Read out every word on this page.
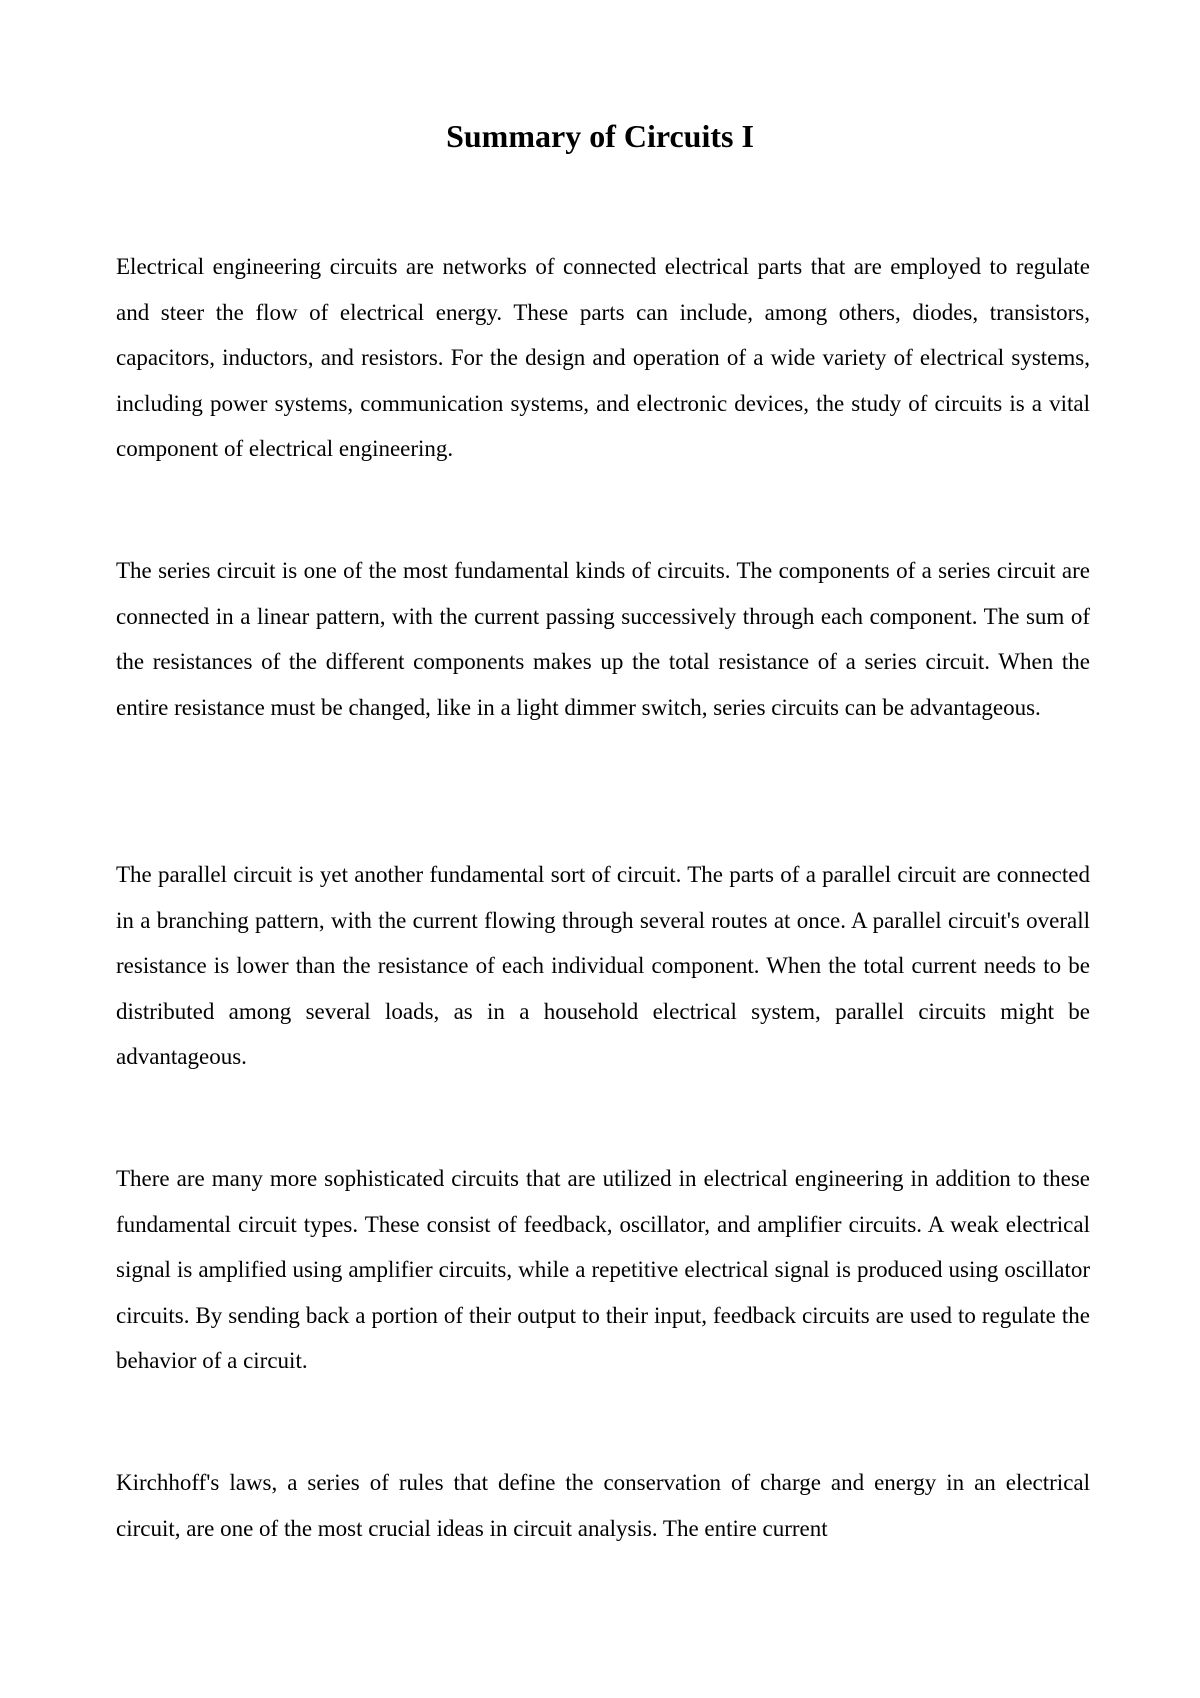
Summary of Circuits I

Electrical engineering circuits are networks of connected electrical parts that are employed to regulate and steer the flow of electrical energy. These parts can include, among others, diodes, transistors, capacitors, inductors, and resistors. For the design and operation of a wide variety of electrical systems, including power systems, communication systems, and electronic devices, the study of circuits is a vital component of electrical engineering.

The series circuit is one of the most fundamental kinds of circuits. The components of a series circuit are connected in a linear pattern, with the current passing successively through each component. The sum of the resistances of the different components makes up the total resistance of a series circuit. When the entire resistance must be changed, like in a light dimmer switch, series circuits can be advantageous.

The parallel circuit is yet another fundamental sort of circuit. The parts of a parallel circuit are connected in a branching pattern, with the current flowing through several routes at once. A parallel circuit's overall resistance is lower than the resistance of each individual component. When the total current needs to be distributed among several loads, as in a household electrical system, parallel circuits might be advantageous.

There are many more sophisticated circuits that are utilized in electrical engineering in addition to these fundamental circuit types. These consist of feedback, oscillator, and amplifier circuits. A weak electrical signal is amplified using amplifier circuits, while a repetitive electrical signal is produced using oscillator circuits. By sending back a portion of their output to their input, feedback circuits are used to regulate the behavior of a circuit.

Kirchhoff's laws, a series of rules that define the conservation of charge and energy in an electrical circuit, are one of the most crucial ideas in circuit analysis. The entire current
